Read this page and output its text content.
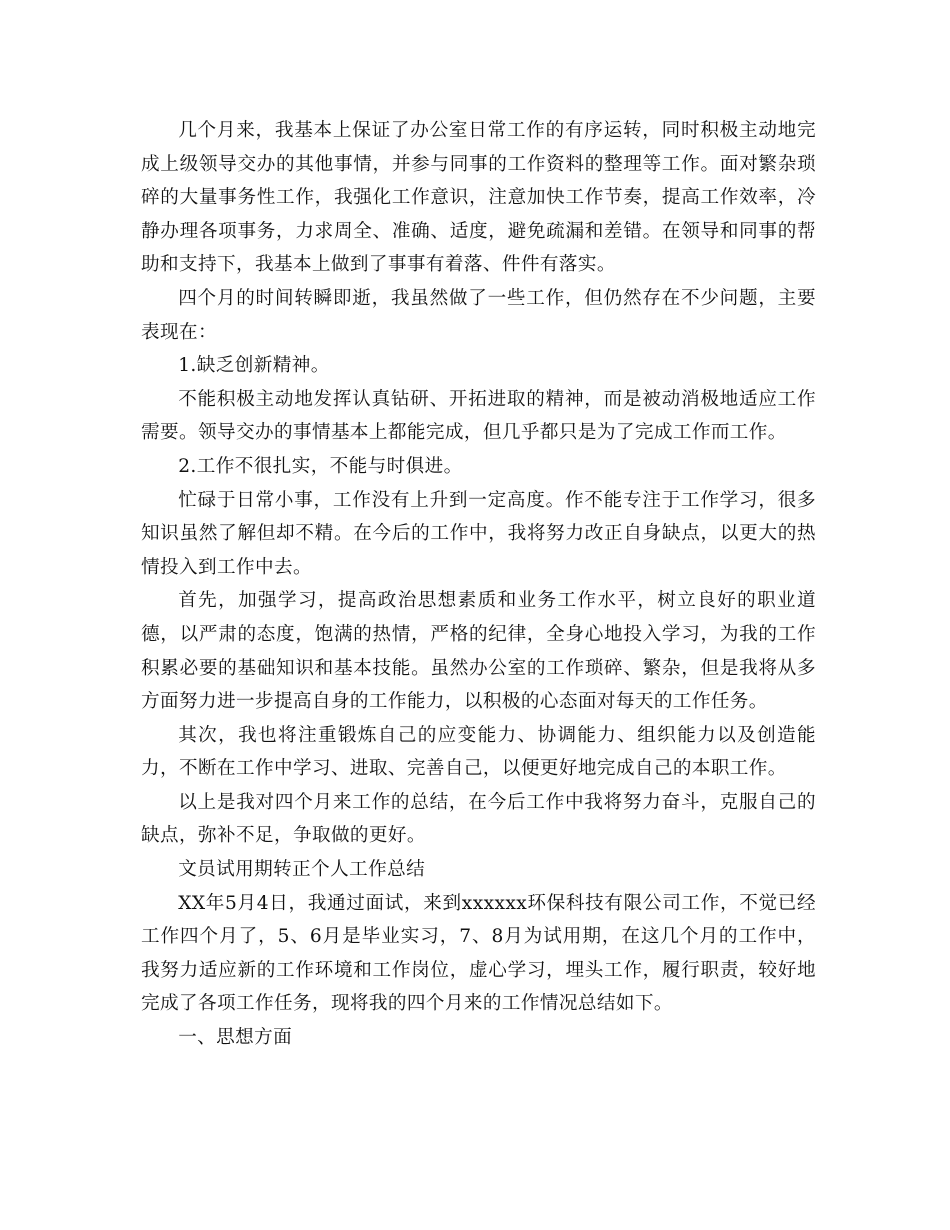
几个月来，我基本上保证了办公室日常工作的有序运转，同时积极主动地完成上级领导交办的其他事情，并参与同事的工作资料的整理等工作。面对繁杂琐碎的大量事务性工作，我强化工作意识，注意加快工作节奏，提高工作效率，冷静办理各项事务，力求周全、准确、适度，避免疏漏和差错。在领导和同事的帮助和支持下，我基本上做到了事事有着落、件件有落实。

四个月的时间转瞬即逝，我虽然做了一些工作，但仍然存在不少问题，主要表现在：

1.缺乏创新精神。

不能积极主动地发挥认真钻研、开拓进取的精神，而是被动消极地适应工作需要。领导交办的事情基本上都能完成，但几乎都只是为了完成工作而工作。

2.工作不很扎实，不能与时俱进。

忙碌于日常小事，工作没有上升到一定高度。作不能专注于工作学习，很多知识虽然了解但却不精。在今后的工作中，我将努力改正自身缺点，以更大的热情投入到工作中去。

首先，加强学习，提高政治思想素质和业务工作水平，树立良好的职业道德，以严肃的态度，饱满的热情，严格的纪律，全身心地投入学习，为我的工作积累必要的基础知识和基本技能。虽然办公室的工作琐碎、繁杂，但是我将从多方面努力进一步提高自身的工作能力，以积极的心态面对每天的工作任务。

其次，我也将注重锻炼自己的应变能力、协调能力、组织能力以及创造能力，不断在工作中学习、进取、完善自己，以便更好地完成自己的本职工作。

以上是我对四个月来工作的总结，在今后工作中我将努力奋斗，克服自己的缺点，弥补不足，争取做的更好。

文员试用期转正个人工作总结

XX年5月4日，我通过面试，来到xxxxxx环保科技有限公司工作，不觉已经工作四个月了，5、6月是毕业实习，7、8月为试用期，在这几个月的工作中，我努力适应新的工作环境和工作岗位，虚心学习，埋头工作，履行职责，较好地完成了各项工作任务，现将我的四个月来的工作情况总结如下。

一、思想方面
